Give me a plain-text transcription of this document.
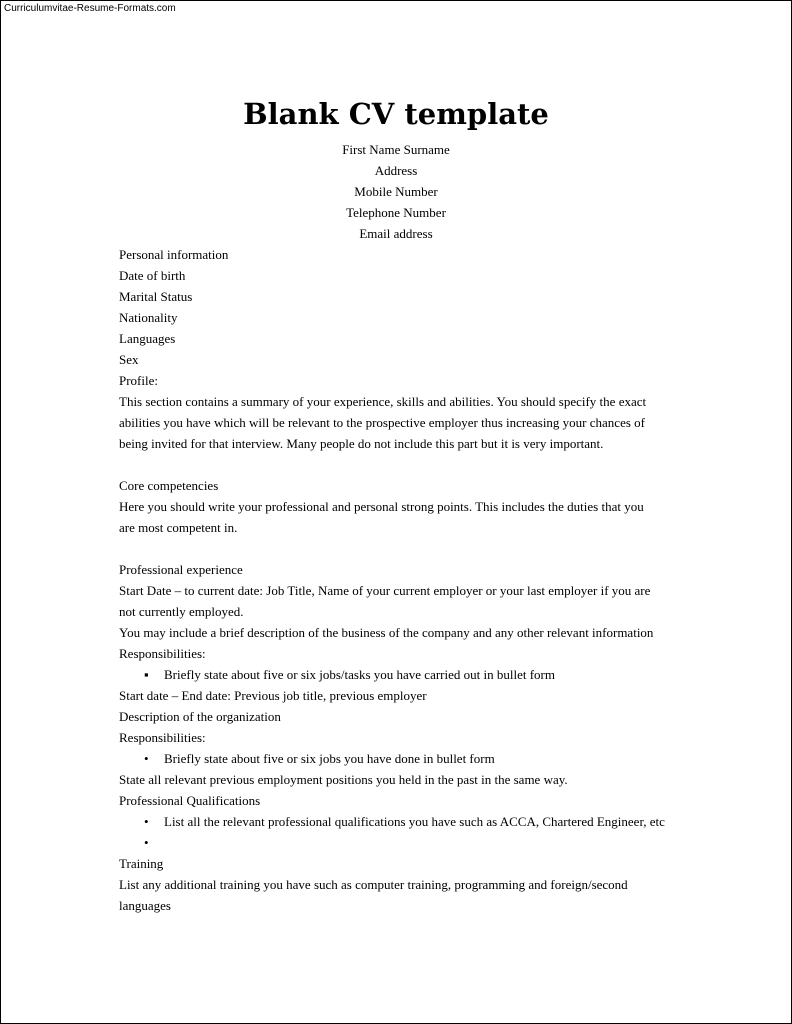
Curriculumvitae-Resume-Formats.com
Blank CV template
First Name Surname
Address
Mobile Number
Telephone Number
Email address
Personal information
Date of birth
Marital Status
Nationality
Languages
Sex
Profile:
This section contains a summary of your experience, skills and abilities. You should specify the exact
abilities you have which will be relevant to the prospective employer thus increasing your chances of
being invited for that interview. Many people do not include this part but it is very important.
Core competencies
Here you should write your professional and personal strong points. This includes the duties that you
are most competent in.
Professional experience
Start Date – to current date: Job Title, Name of your current employer or your last employer if you are
not currently employed.
You may include a brief description of the business of the company and any other relevant information
Responsibilities:
▪ Briefly state about five or six jobs/tasks you have carried out in bullet form
Start date – End date: Previous job title, previous employer
Description of the organization
Responsibilities:
• Briefly state about five or six jobs you have done in bullet form
State all relevant previous employment positions you held in the past in the same way.
Professional Qualifications
• List all the relevant professional qualifications you have such as ACCA, Chartered Engineer, etc
•
Training
List any additional training you have such as computer training, programming and foreign/second
languages
